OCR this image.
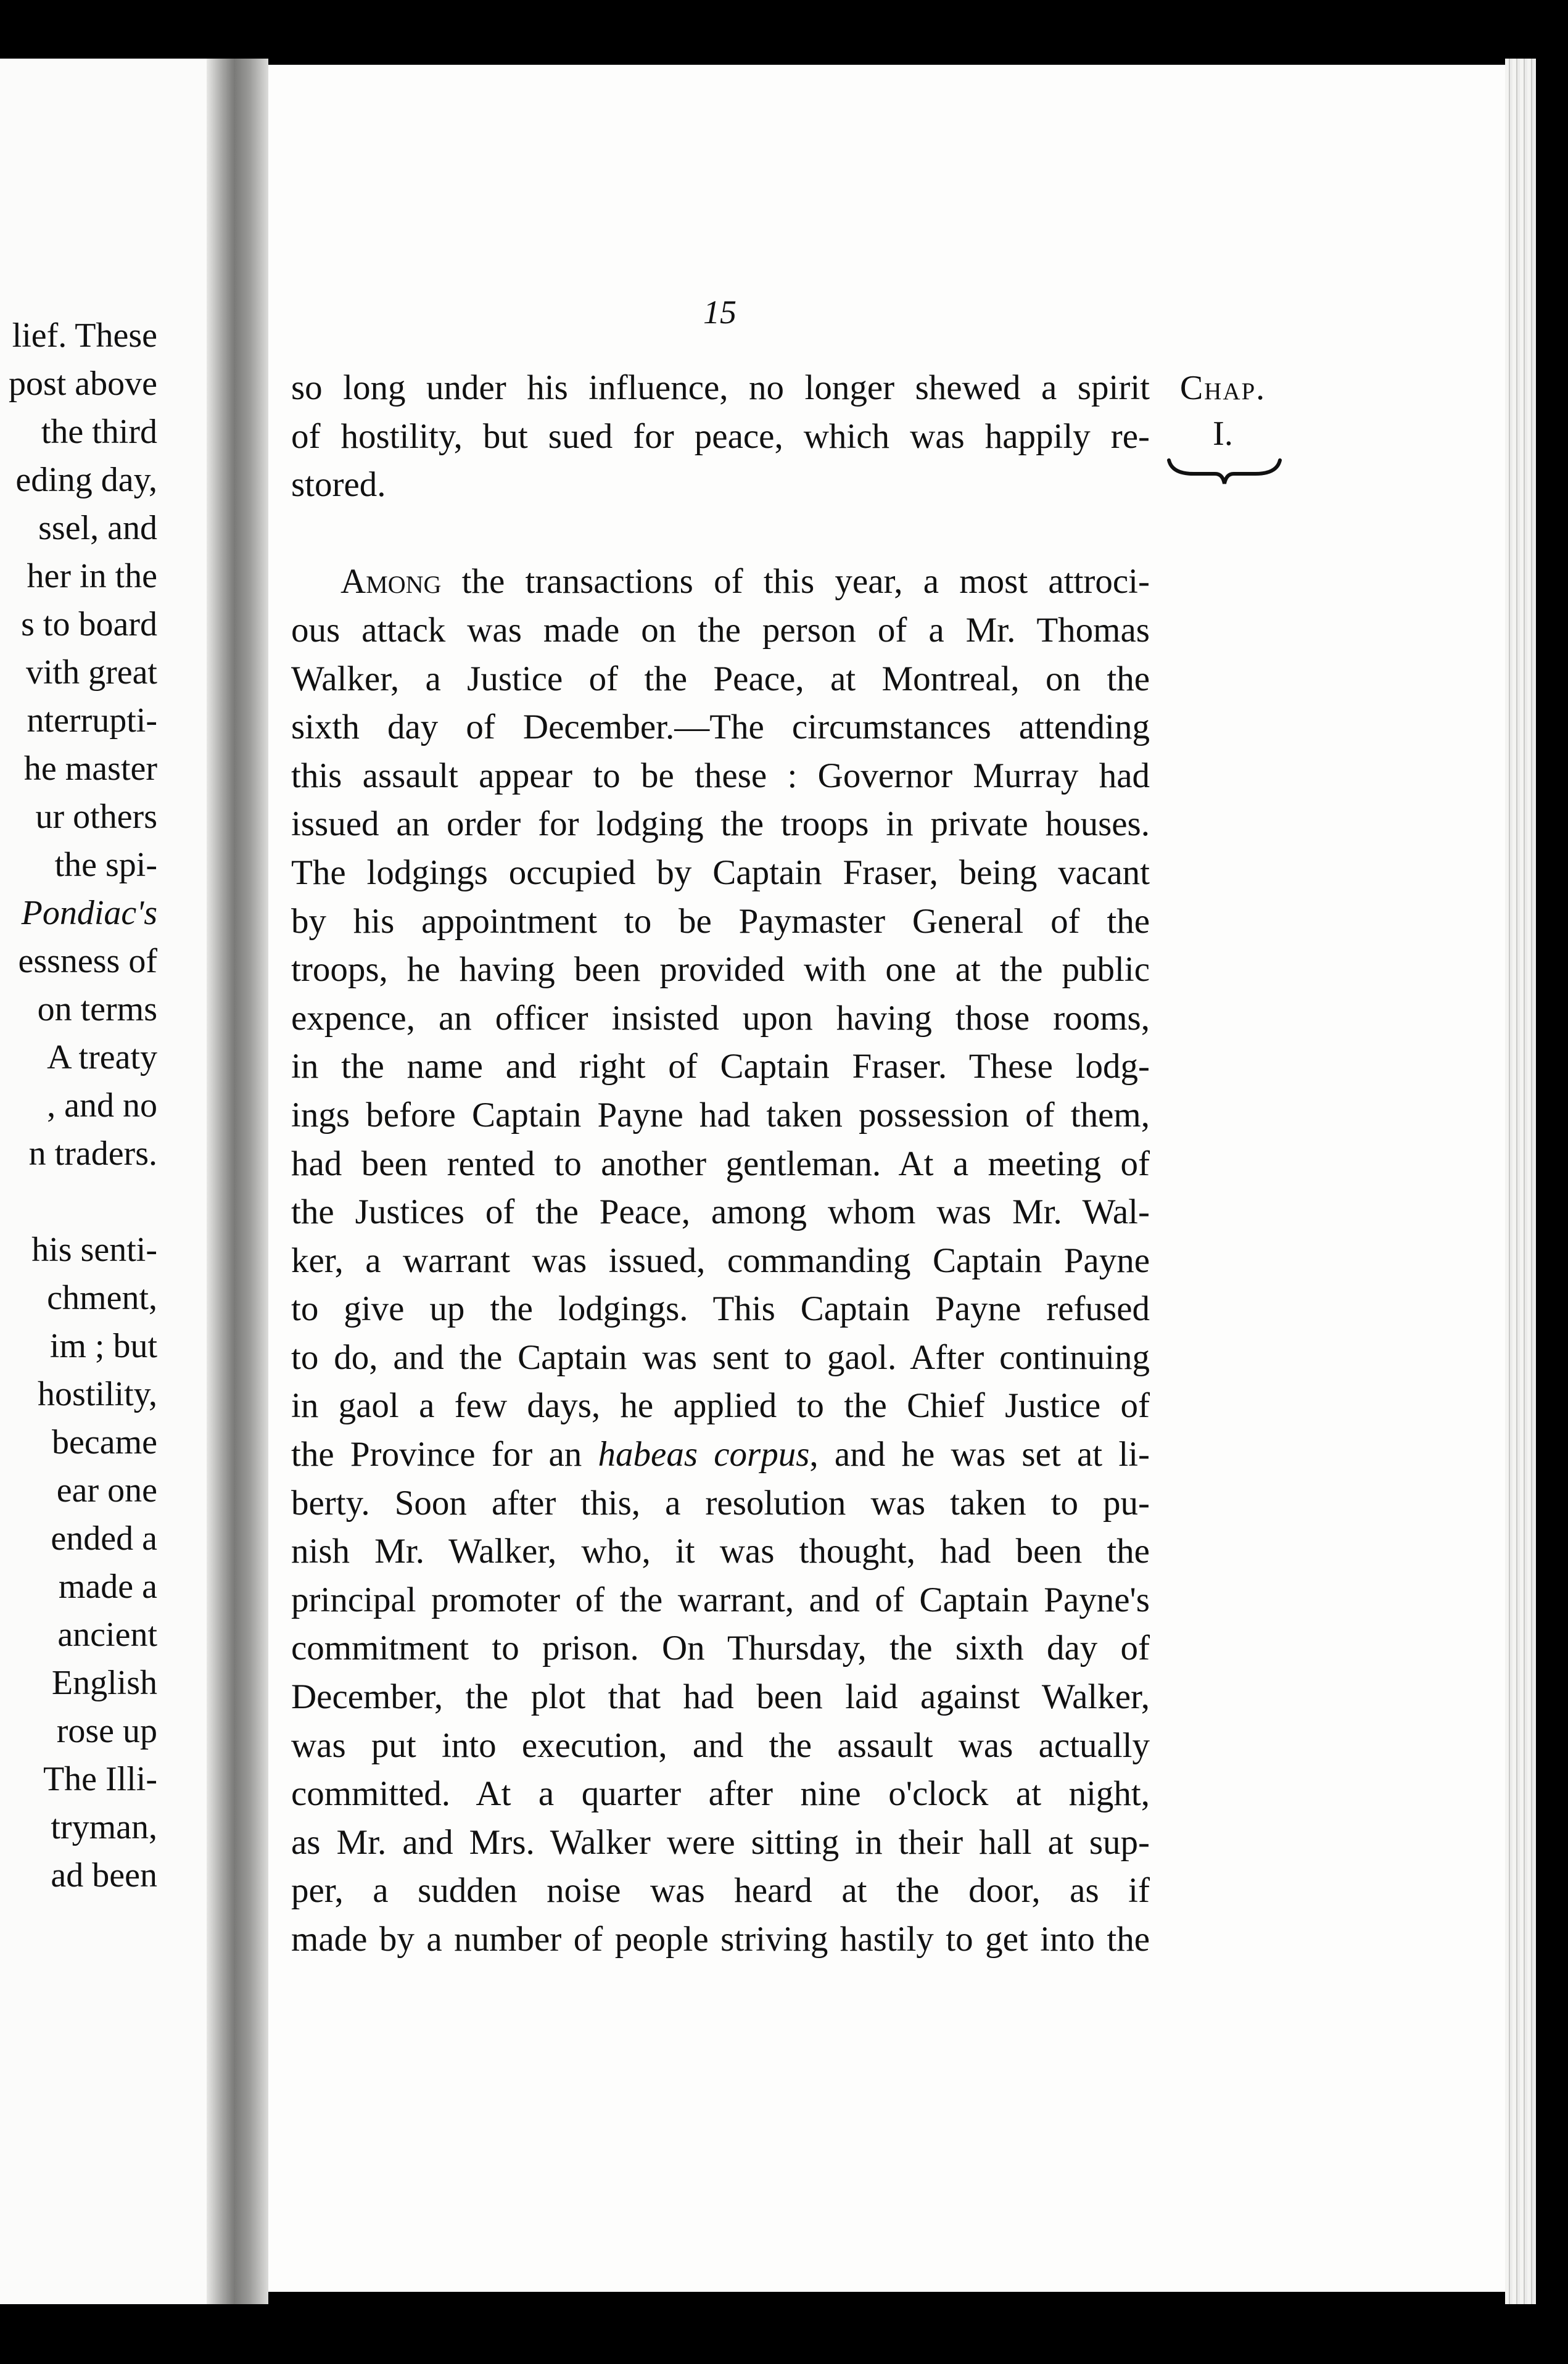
lief. These
post above
the third
eding day,
ssel, and
her in the
s to board
vith great
nterrupti-
he master
ur others
the spi-
Pondiac's
essness of
on terms
A treaty
, and no
n traders.
his senti-
chment,
im ; but
hostility,
became
ear one
ended a
made a
ancient
English
rose up
The Illi-
tryman,
ad been
15
Chap.
I.
so long under his influence, no longer shewed a spirit
of hostility, but sued for peace, which was happily re-
stored.
Among the transactions of this year, a most attroci-
ous attack was made on the person of a Mr. Thomas
Walker, a Justice of the Peace, at Montreal, on the
sixth day of December.—The circumstances attending
this assault appear to be these : Governor Murray had
issued an order for lodging the troops in private houses.
The lodgings occupied by Captain Fraser, being vacant
by his appointment to be Paymaster General of the
troops, he having been provided with one at the public
expence, an officer insisted upon having those rooms,
in the name and right of Captain Fraser. These lodg-
ings before Captain Payne had taken possession of them,
had been rented to another gentleman. At a meeting of
the Justices of the Peace, among whom was Mr. Wal-
ker, a warrant was issued, commanding Captain Payne
to give up the lodgings. This Captain Payne refused
to do, and the Captain was sent to gaol. After continuing
in gaol a few days, he applied to the Chief Justice of
the Province for an habeas corpus, and he was set at li-
berty. Soon after this, a resolution was taken to pu-
nish Mr. Walker, who, it was thought, had been the
principal promoter of the warrant, and of Captain Payne's
commitment to prison. On Thursday, the sixth day of
December, the plot that had been laid against Walker,
was put into execution, and the assault was actually
committed. At a quarter after nine o'clock at night,
as Mr. and Mrs. Walker were sitting in their hall at sup-
per, a sudden noise was heard at the door, as if
made by a number of people striving hastily to get into the
